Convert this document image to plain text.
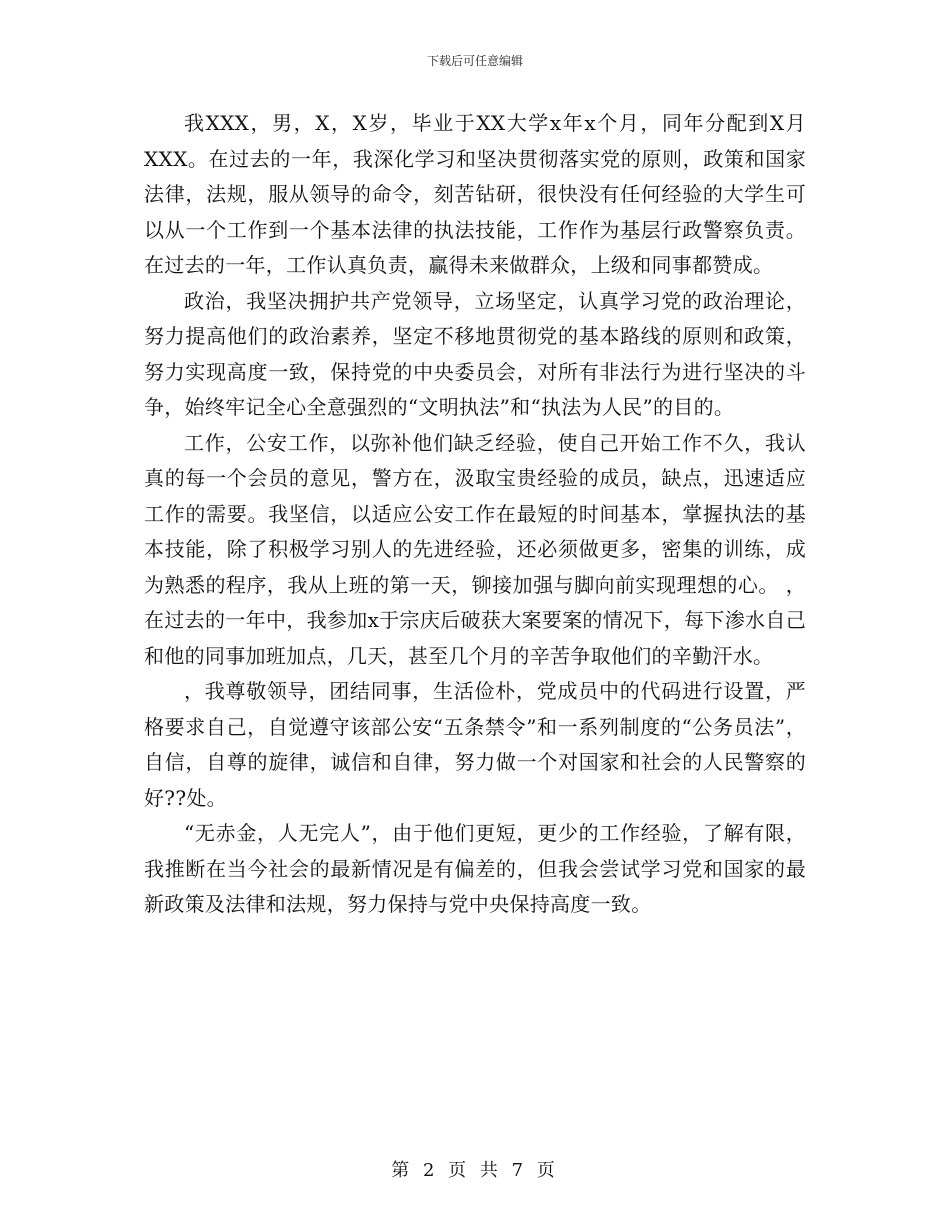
下载后可任意编辑

我XXX，男，X，X岁，毕业于XX大学x年x个月，同年分配到X月XXX。在过去的一年，我深化学习和坚决贯彻落实党的原则，政策和国家法律，法规，服从领导的命令，刻苦钻研，很快没有任何经验的大学生可以从一个工作到一个基本法律的执法技能，工作作为基层行政警察负责。在过去的一年，工作认真负责，赢得未来做群众，上级和同事都赞成。

政治，我坚决拥护共产党领导，立场坚定，认真学习党的政治理论，努力提高他们的政治素养，坚定不移地贯彻党的基本路线的原则和政策，努力实现高度一致，保持党的中央委员会，对所有非法行为进行坚决的斗争，始终牢记全心全意强烈的“文明执法”和“执法为人民”的目的。

工作，公安工作，以弥补他们缺乏经验，使自己开始工作不久，我认真的每一个会员的意见，警方在，汲取宝贵经验的成员，缺点，迅速适应工作的需要。我坚信，以适应公安工作在最短的时间基本，掌握执法的基本技能，除了积极学习别人的先进经验，还必须做更多，密集的训练，成为熟悉的程序，我从上班的第一天，铆接加强与脚向前实现理想的心。 ，在过去的一年中，我参加x于宗庆后破获大案要案的情况下，每下渗水自己和他的同事加班加点，几天，甚至几个月的辛苦争取他们的辛勤汗水。

，我尊敬领导，团结同事，生活俭朴，党成员中的代码进行设置，严格要求自己，自觉遵守该部公安“五条禁令”和一系列制度的“公务员法”，自信，自尊的旋律，诚信和自律，努力做一个对国家和社会的人民警察的好??处。

“无赤金，人无完人”，由于他们更短，更少的工作经验，了解有限，我推断在当今社会的最新情况是有偏差的，但我会尝试学习党和国家的最新政策及法律和法规，努力保持与党中央保持高度一致。

第 2 页 共 7 页
